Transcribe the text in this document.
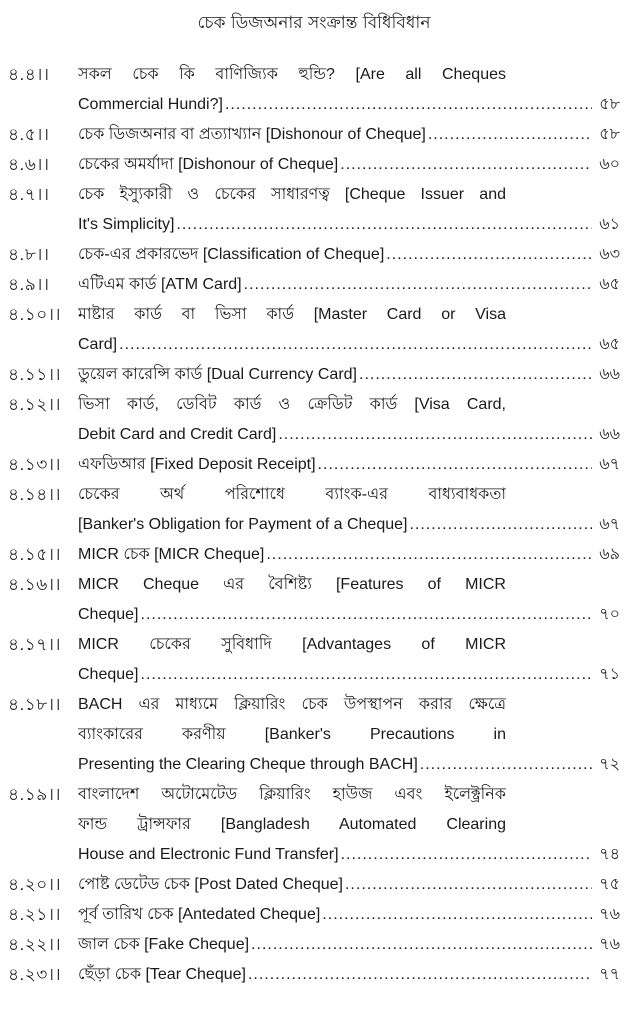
চেক ডিজঅনার সংক্রান্ত বিধিবিধান
৪.৪।।	সকল চেক কি বাণিজ্যিক হুন্ডি? [Are all Cheques
Commercial Hundi?] .....	৫৮
৪.৫।।	চেক ডিজঅনার বা প্রত্যাখ্যান [Dishonour of Cheque] .....	৫৮
৪.৬।।	চেকের অমর্যাদা [Dishonour of Cheque] .....	৬০
৪.৭।।	চেক ইস্যুকারী ও চেকের সাধারণত্ব [Cheque Issuer and
It's Simplicity] .....	৬১
৪.৮।।	চেক-এর প্রকারভেদ [Classification of Cheque] .....	৬৩
৪.৯।।	এটিএম কার্ড [ATM Card] .....	৬৫
৪.১০।।	মাষ্টার কার্ড বা ভিসা কার্ড [Master Card or Visa
Card] .....	৬৫
৪.১১।।	ডুয়েল কারেন্সি কার্ড [Dual Currency Card] .....	৬৬
৪.১২।।	ভিসা কার্ড, ডেবিট কার্ড ও ক্রেডিট কার্ড [Visa Card,
Debit Card and Credit Card] .....	৬৬
৪.১৩।।	এফডিআর [Fixed Deposit Receipt] .....	৬৭
৪.১৪।।	চেকের অর্থ পরিশোধে ব্যাংক-এর বাধ্যবাধকতা
[Banker's Obligation for Payment of a Cheque] .....	৬৭
৪.১৫।।	MICR চেক [MICR Cheque] .....	৬৯
৪.১৬।।	MICR Cheque এর বৈশিষ্ট্য [Features of MICR
Cheque] .....	৭০
৪.১৭।।	MICR চেকের সুবিধাদি [Advantages of MICR
Cheque] .....	৭১
৪.১৮।।	BACH এর মাধ্যমে ক্লিয়ারিং চেক উপস্থাপন করার ক্ষেত্রে
ব্যাংকারের করণীয় [Banker's Precautions in
Presenting the Clearing Cheque through BACH] .....	৭২
৪.১৯।।	বাংলাদেশ অটোমেটেড ক্লিয়ারিং হাউজ এবং ইলেক্ট্রনিক
ফান্ড ট্রান্সফার [Bangladesh Automated Clearing
House and Electronic Fund Transfer] .....	৭৪
৪.২০।।	পোষ্ট ডেটেড চেক [Post Dated Cheque] .....	৭৫
৪.২১।।	পূর্ব তারিখ চেক [Antedated Cheque] .....	৭৬
৪.২২।।	জাল চেক [Fake Cheque] .....	৭৬
৪.২৩।।	ছেঁড়া চেক [Tear Cheque] .....	৭৭
